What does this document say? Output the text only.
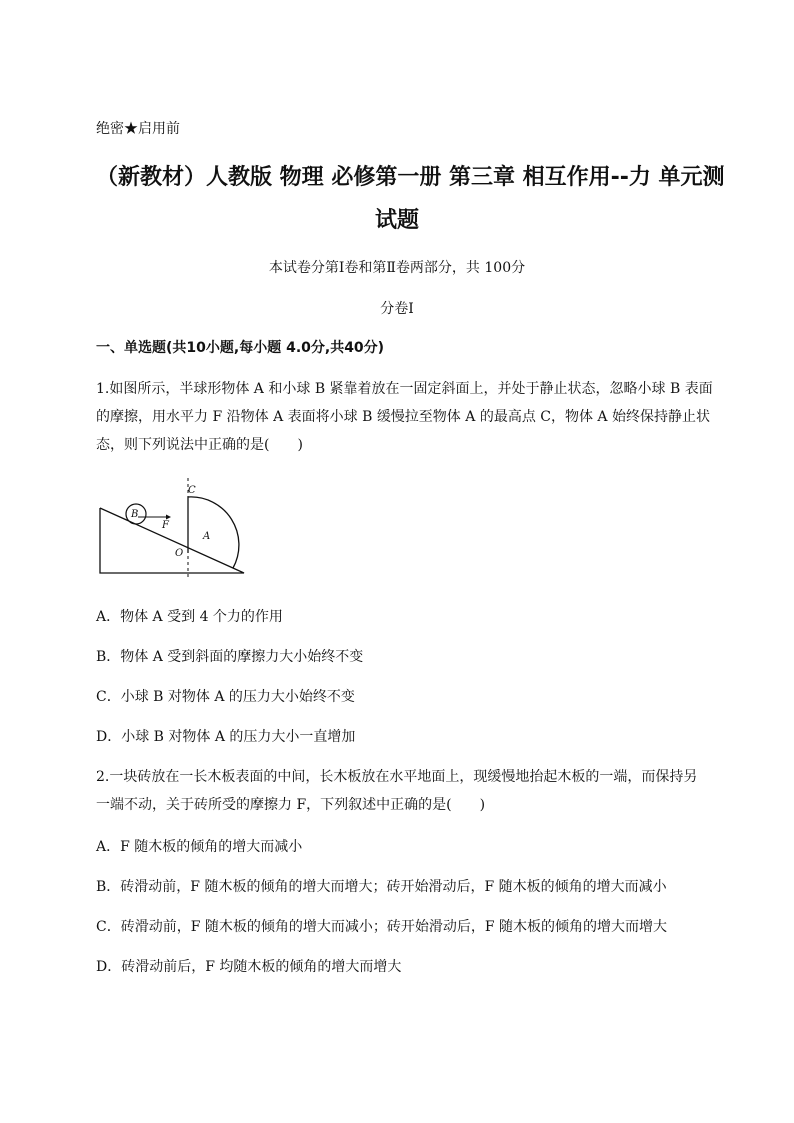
绝密★启用前
（新教材）人教版 物理 必修第一册 第三章 相互作用--力 单元测
试题
本试卷分第Ⅰ卷和第Ⅱ卷两部分，共 100分
分卷Ⅰ
一、单选题(共10小题,每小题 4.0分,共40分)
1.如图所示，半球形物体 A 和小球 B 紧靠着放在一固定斜面上，并处于静止状态，忽略小球 B 表面
的摩擦，用水平力 F 沿物体 A 表面将小球 B 缓慢拉至物体 A 的最高点 C，物体 A 始终保持静止状
态，则下列说法中正确的是(　　)
C
B
F
A
O
A．物体 A 受到 4 个力的作用
B．物体 A 受到斜面的摩擦力大小始终不变
C．小球 B 对物体 A 的压力大小始终不变
D．小球 B 对物体 A 的压力大小一直增加
2.一块砖放在一长木板表面的中间，长木板放在水平地面上，现缓慢地抬起木板的一端，而保持另
一端不动，关于砖所受的摩擦力 F，下列叙述中正确的是(　　)
A．F 随木板的倾角的增大而减小
B．砖滑动前，F 随木板的倾角的增大而增大；砖开始滑动后，F 随木板的倾角的增大而减小
C．砖滑动前，F 随木板的倾角的增大而减小；砖开始滑动后，F 随木板的倾角的增大而增大
D．砖滑动前后，F 均随木板的倾角的增大而增大
